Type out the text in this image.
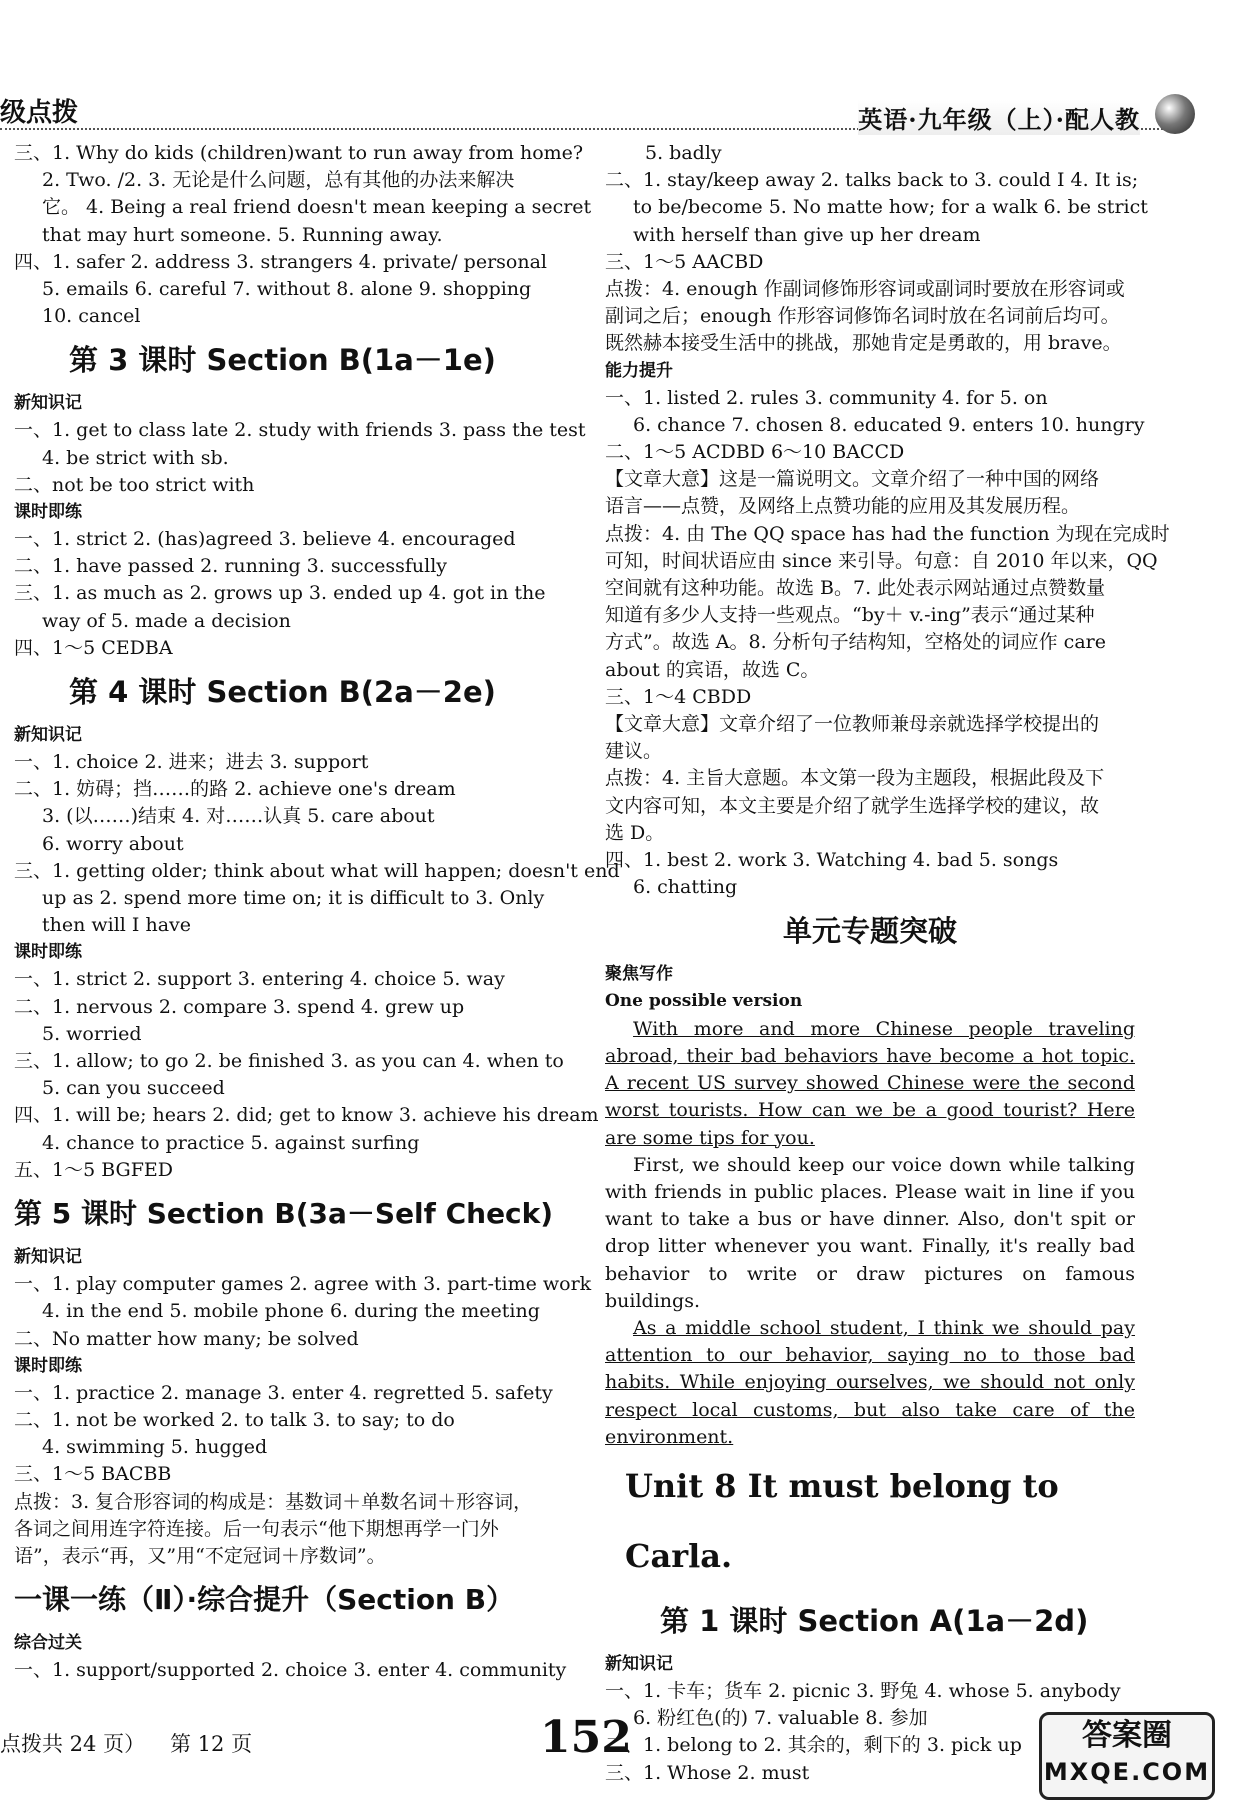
级点拨	英语·九年级（上）·配人教
三、1. Why do kids (children)want to run away from home?
2. Two. /2. 3. 无论是什么问题，总有其他的办法来解决
它。 4. Being a real friend doesn't mean keeping a secret
that may hurt someone. 5. Running away.
四、1. safer 2. address 3. strangers 4. private/ personal
5. emails 6. careful 7. without 8. alone 9. shopping
10. cancel
第 3 课时 Section B(1a－1e)
新知识记
一、1. get to class late 2. study with friends 3. pass the test
4. be strict with sb.
二、not be too strict with
课时即练
一、1. strict 2. (has)agreed 3. believe 4. encouraged
二、1. have passed 2. running 3. successfully
三、1. as much as 2. grows up 3. ended up 4. got in the
way of 5. made a decision
四、1～5 CEDBA
第 4 课时 Section B(2a－2e)
新知识记
一、1. choice 2. 进来；进去 3. support
二、1. 妨碍；挡……的路 2. achieve one's dream
3. (以……)结束 4. 对……认真 5. care about
6. worry about
三、1. getting older; think about what will happen; doesn't end
up as 2. spend more time on; it is difficult to 3. Only
then will I have
课时即练
一、1. strict 2. support 3. entering 4. choice 5. way
二、1. nervous 2. compare 3. spend 4. grew up
5. worried
三、1. allow; to go 2. be finished 3. as you can 4. when to
5. can you succeed
四、1. will be; hears 2. did; get to know 3. achieve his dream
4. chance to practice 5. against surfing
五、1～5 BGFED
第 5 课时 Section B(3a－Self Check)
新知识记
一、1. play computer games 2. agree with 3. part-time work
4. in the end 5. mobile phone 6. during the meeting
二、No matter how many; be solved
课时即练
一、1. practice 2. manage 3. enter 4. regretted 5. safety
二、1. not be worked 2. to talk 3. to say; to do
4. swimming 5. hugged
三、1～5 BACBB
点拨：3. 复合形容词的构成是：基数词＋单数名词＋形容词，
各词之间用连字符连接。后一句表示“他下期想再学一门外
语”，表示“再，又”用“不定冠词＋序数词”。
一课一练（Ⅱ）·综合提升（Section B）
综合过关
一、1. support/supported 2. choice 3. enter 4. community
5. badly
二、1. stay/keep away 2. talks back to 3. could I 4. It is;
to be/become 5. No matte how; for a walk 6. be strict
with herself than give up her dream
三、1～5 AACBD
点拨：4. enough 作副词修饰形容词或副词时要放在形容词或
副词之后；enough 作形容词修饰名词时放在名词前后均可。
既然赫本接受生活中的挑战，那她肯定是勇敢的，用 brave。
能力提升
一、1. listed 2. rules 3. community 4. for 5. on
6. chance 7. chosen 8. educated 9. enters 10. hungry
二、1～5 ACDBD 6～10 BACCD
【文章大意】这是一篇说明文。文章介绍了一种中国的网络
语言——点赞，及网络上点赞功能的应用及其发展历程。
点拨：4. 由 The QQ space has had the function 为现在完成时
可知，时间状语应由 since 来引导。句意：自 2010 年以来，QQ
空间就有这种功能。故选 B。7. 此处表示网站通过点赞数量
知道有多少人支持一些观点。“by＋ v.-ing”表示“通过某种
方式”。故选 A。8. 分析句子结构知，空格处的词应作 care
about 的宾语，故选 C。
三、1～4 CBDD
【文章大意】文章介绍了一位教师兼母亲就选择学校提出的
建议。
点拨：4. 主旨大意题。本文第一段为主题段，根据此段及下
文内容可知，本文主要是介绍了就学生选择学校的建议，故
选 D。
四、1. best 2. work 3. Watching 4. bad 5. songs
6. chatting
单元专题突破
聚焦写作
One possible version
With more and more Chinese people traveling abroad, their bad behaviors have become a hot topic. A recent US survey showed Chinese were the second worst tourists. How can we be a good tourist? Here are some tips for you.
First, we should keep our voice down while talking with friends in public places. Please wait in line if you want to take a bus or have dinner. Also, don't spit or drop litter whenever you want. Finally, it's really bad behavior to write or draw pictures on famous buildings.
As a middle school student, I think we should pay attention to our behavior, saying no to those bad habits. While enjoying ourselves, we should not only respect local customs, but also take care of the environment.
Unit 8 It must belong to Carla.
第 1 课时 Section A(1a－2d)
新知识记
一、1. 卡车；货车 2. picnic 3. 野兔 4. whose 5. anybody
6. 粉红色(的) 7. valuable 8. 参加
二、1. belong to 2. 其余的，剩下的 3. pick up
三、1. Whose 2. must
点拨共 24 页） 第 12 页	152	答案圈
MXQE.COM
